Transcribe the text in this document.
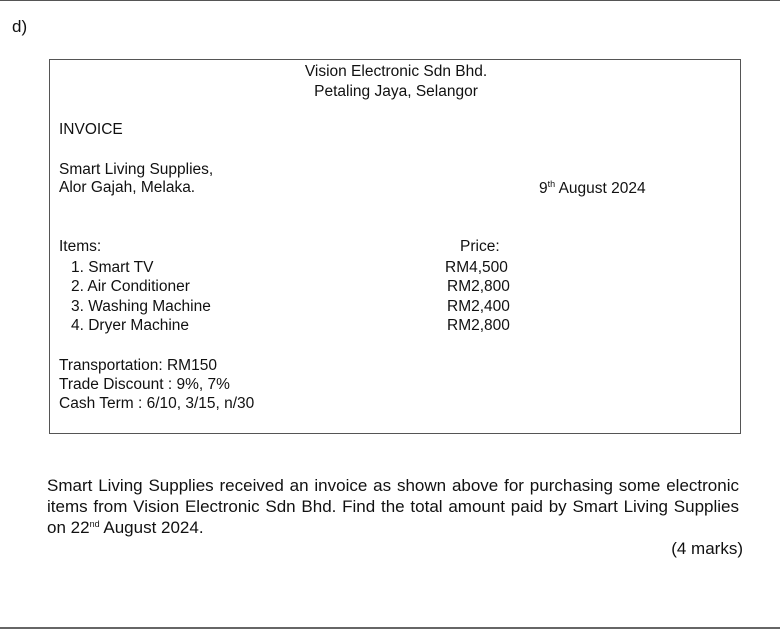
d)
Vision Electronic Sdn Bhd.
Petaling Jaya, Selangor
INVOICE
Smart Living Supplies,
Alor Gajah, Melaka.	9th August 2024
Items:	Price:
1. Smart TV	RM4,500
2. Air Conditioner	RM2,800
3. Washing Machine	RM2,400
4. Dryer Machine	RM2,800
Transportation: RM150
Trade Discount : 9%, 7%
Cash Term : 6/10, 3/15, n/30
Smart Living Supplies received an invoice as shown above for purchasing some electronic items from Vision Electronic Sdn Bhd. Find the total amount paid by Smart Living Supplies on 22nd August 2024.
(4 marks)
